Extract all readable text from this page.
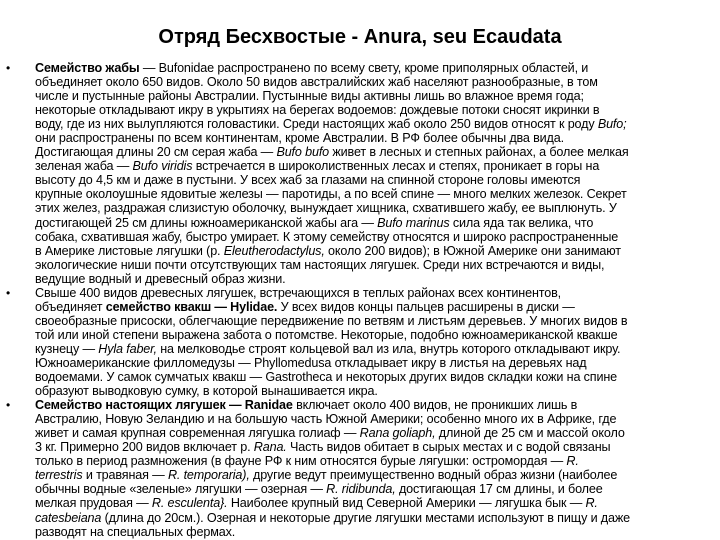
Отряд Бесхвостые - Anura, seu Ecaudata
• Семейство жабы — Bufonidae распространено по всему свету, кроме приполярных областей, и
объединяет около 650 видов. Около 50 видов австралийских жаб населяют разнообразные, в том
числе и пустынные районы Австралии. Пустынные виды активны лишь во влажное время года;
некоторые откладывают икру в укрытиях на берегах водоемов: дождевые потоки сносят икринки в
воду, где из них вылупляются головастики. Среди настоящих жаб около 250 видов относят к роду Bufo;
они распространены по всем континентам, кроме Австралии. В РФ более обычны два вида.
Достигающая длины 20 см серая жаба — Bufo bufo живет в лесных и степных районах, а более мелкая
зеленая жаба — Bufo viridis встречается в широколиственных лесах и степях, проникает в горы на
высоту до 4,5 км и даже в пустыни. У всех жаб за глазами на спинной стороне головы имеются
крупные околоушные ядовитые железы — паротиды, а по всей спине — много мелких железок. Секрет
этих желез, раздражая слизистую оболочку, вынуждает хищника, схватившего жабу, ее выплюнуть. У
достигающей 25 см длины южноамериканской жабы ага — Bufo marinus сила яда так велика, что
собака, схватившая жабу, быстро умирает. К этому семейству относятся и широко распространенные
в Америке листовые лягушки (р. Eleutherodactylus, около 200 видов); в Южной Америке они занимают
экологические ниши почти отсутствующих там настоящих лягушек. Среди них встречаются и виды,
ведущие водный и древесный образ жизни.
• Свыше 400 видов древесных лягушек, встречающихся в теплых районах всех континентов,
объединяет семейство квакш — Hylidae. У всех видов концы пальцев расширены в диски —
своеобразные присоски, облегчающие передвижение по ветвям и листьям деревьев. У многих видов в
той или иной степени выражена забота о потомстве. Некоторые, подобно южноамериканской квакше
кузнецу — Hyla faber, на мелководье строят кольцевой вал из ила, внутрь которого откладывают икру.
Южноамериканские филломедузы — Phyllomedusa откладывает икру в листья на деревьях над
водоемами. У самок сумчатых квакш — Gastrotheca и некоторых других видов складки кожи на спине
образуют выводковую сумку, в которой вынашивается икра.
• Семейство настоящих лягушек — Ranidae включает около 400 видов, не проникших лишь в
Австралию, Новую Зеландию и на большую часть Южной Америки; особенно много их в Африке, где
живет и самая крупная современная лягушка голиаф — Rana goliaph, длиной де 25 см и массой около
3 кг. Примерно 200 видов включает р. Rana. Часть видов обитает в сырых местах и с водой связаны
только в период размножения (в фауне РФ к ним относятся бурые лягушки: остромордая — R.
terrestris и травяная — R. temporaria), другие ведут преимущественно водный образ жизни (наиболее
обычны водные «зеленые» лягушки — озерная — R. ridibunda, достигающая 17 см длины, и более
мелкая прудовая — R. esculenta}. Наиболее крупный вид Северной Америки — лягушка бык — R.
catesbeiana (длина до 20см.). Озерная и некоторые другие лягушки местами используют в пищу и даже
разводят на специальных фермах.
